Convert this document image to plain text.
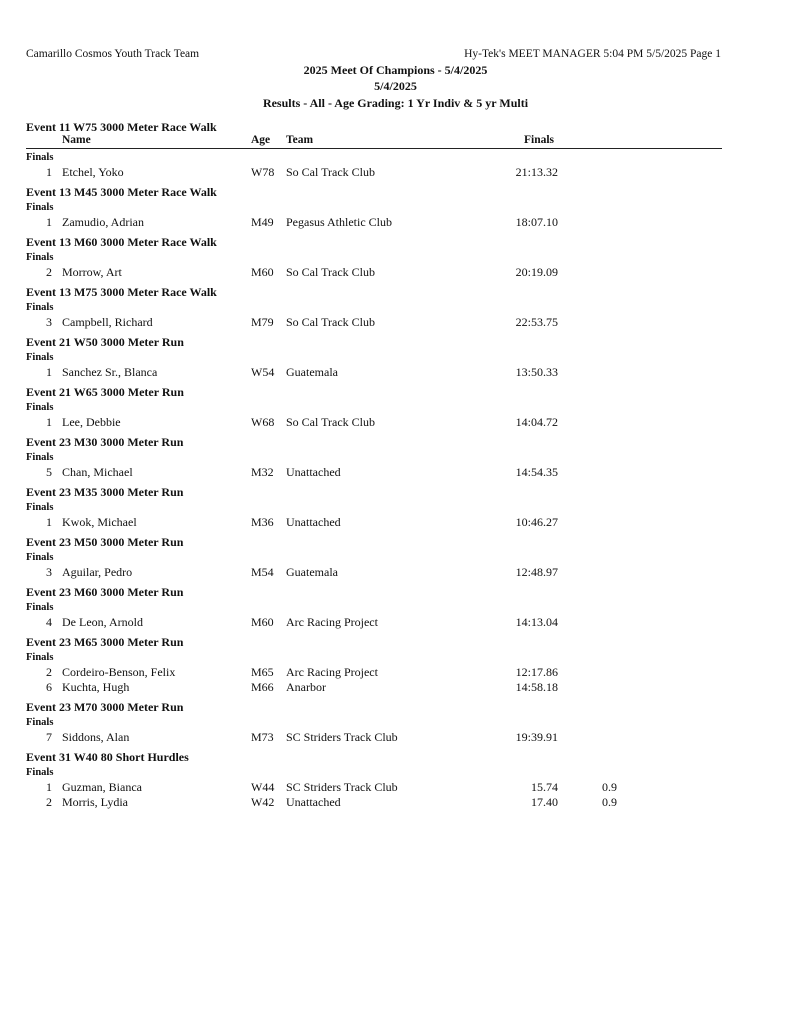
Camarillo Cosmos Youth Track Team	Hy-Tek's MEET MANAGER 5:04 PM 5/5/2025 Page 1
2025 Meet Of Champions - 5/4/2025
5/4/2025
Results - All - Age Grading: 1 Yr Indiv & 5 yr Multi
Name	Age Team	Finals
Event 11 W75 3000 Meter Race Walk
Finals
1 Etchel, Yoko	W78 So Cal Track Club	21:13.32
Event 13 M45 3000 Meter Race Walk
Finals
1 Zamudio, Adrian	M49 Pegasus Athletic Club	18:07.10
Event 13 M60 3000 Meter Race Walk
Finals
2 Morrow, Art	M60 So Cal Track Club	20:19.09
Event 13 M75 3000 Meter Race Walk
Finals
3 Campbell, Richard	M79 So Cal Track Club	22:53.75
Event 21 W50 3000 Meter Run
Finals
1 Sanchez Sr., Blanca	W54 Guatemala	13:50.33
Event 21 W65 3000 Meter Run
Finals
1 Lee, Debbie	W68 So Cal Track Club	14:04.72
Event 23 M30 3000 Meter Run
Finals
5 Chan, Michael	M32 Unattached	14:54.35
Event 23 M35 3000 Meter Run
Finals
1 Kwok, Michael	M36 Unattached	10:46.27
Event 23 M50 3000 Meter Run
Finals
3 Aguilar, Pedro	M54 Guatemala	12:48.97
Event 23 M60 3000 Meter Run
Finals
4 De Leon, Arnold	M60 Arc Racing Project	14:13.04
Event 23 M65 3000 Meter Run
Finals
2 Cordeiro-Benson, Felix	M65 Arc Racing Project	12:17.86
6 Kuchta, Hugh	M66 Anarbor	14:58.18
Event 23 M70 3000 Meter Run
Finals
7 Siddons, Alan	M73 SC Striders Track Club	19:39.91
Event 31 W40 80 Short Hurdles
Finals
1 Guzman, Bianca	W44 SC Striders Track Club	15.74	0.9
2 Morris, Lydia	W42 Unattached	17.40	0.9
